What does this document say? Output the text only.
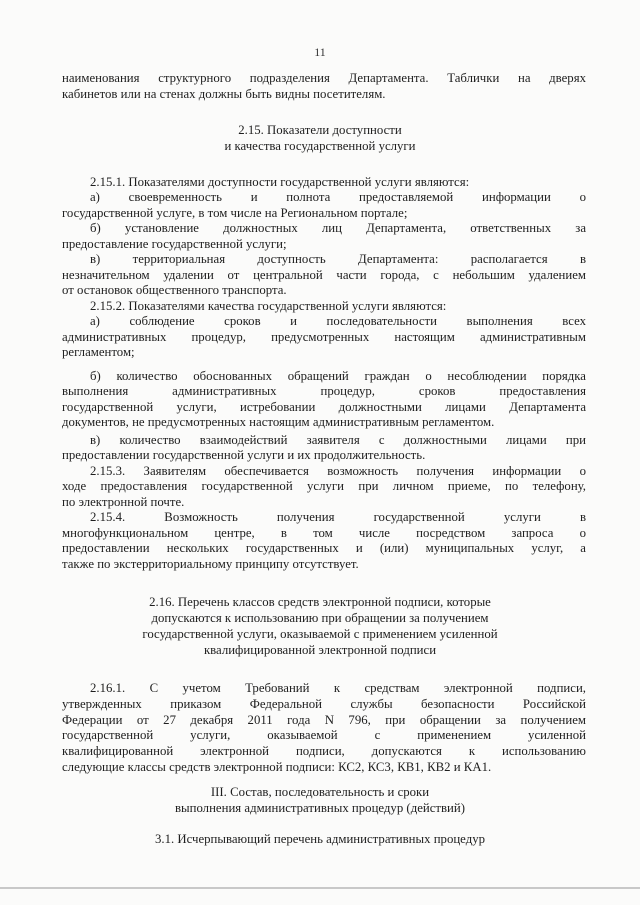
11
наименования структурного подразделения Департамента. Таблички на дверях
кабинетов или на стенах должны быть видны посетителям.
2.15. Показатели доступности
и качества государственной услуги
2.15.1. Показателями доступности государственной услуги являются:
а) своевременность и полнота предоставляемой информации о
государственной услуге, в том числе на Региональном портале;
б) установление должностных лиц Департамента, ответственных за
предоставление государственной услуги;
в) территориальная доступность Департамента: располагается в
незначительном удалении от центральной части города, с небольшим удалением
от остановок общественного транспорта.
2.15.2. Показателями качества государственной услуги являются:
а) соблюдение сроков и последовательности выполнения всех
административных процедур, предусмотренных настоящим административным
регламентом;
б) количество обоснованных обращений граждан о несоблюдении порядка
выполнения административных процедур, сроков предоставления
государственной услуги, истребовании должностными лицами Департамента
документов, не предусмотренных настоящим административным регламентом.
в) количество взаимодействий заявителя с должностными лицами при
предоставлении государственной услуги и их продолжительность.
2.15.3. Заявителям обеспечивается возможность получения информации о
ходе предоставления государственной услуги при личном приеме, по телефону,
по электронной почте.
2.15.4. Возможность получения государственной услуги в
многофункциональном центре, в том числе посредством запроса о
предоставлении нескольких государственных и (или) муниципальных услуг, а
также по экстерриториальному принципу отсутствует.
2.16. Перечень классов средств электронной подписи, которые
допускаются к использованию при обращении за получением
государственной услуги, оказываемой с применением усиленной
квалифицированной электронной подписи
2.16.1. С учетом Требований к средствам электронной подписи,
утвержденных приказом Федеральной службы безопасности Российской
Федерации от 27 декабря 2011 года N 796, при обращении за получением
государственной услуги, оказываемой с применением усиленной
квалифицированной электронной подписи, допускаются к использованию
следующие классы средств электронной подписи: КС2, КС3, КВ1, КВ2 и КА1.
III. Состав, последовательность и сроки
выполнения административных процедур (действий)
3.1. Исчерпывающий перечень административных процедур
